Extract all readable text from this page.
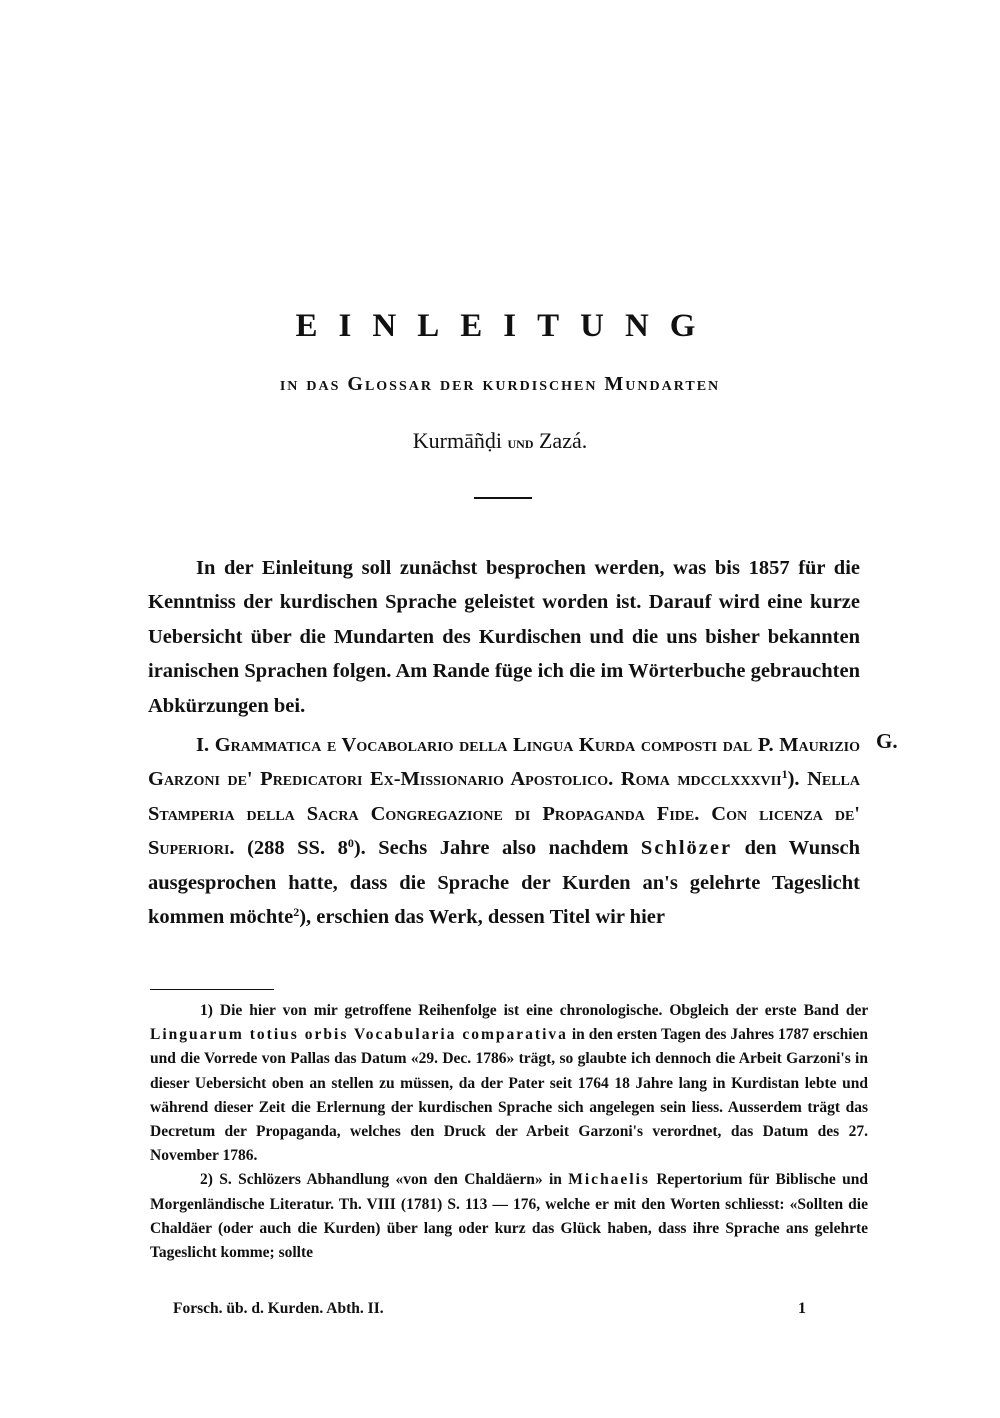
EINLEITUNG
in das Glossar der kurdischen Mundarten
Kurmāñḍi und Zazá.
In der Einleitung soll zunächst besprochen werden, was bis 1857 für die Kenntniss der kurdischen Sprache geleistet worden ist. Darauf wird eine kurze Uebersicht über die Mundarten des Kurdischen und die uns bisher bekannten iranischen Sprachen folgen. Am Rande füge ich die im Wörterbuche gebrauchten Abkürzungen bei.
I. Grammatica e Vocabolario della Lingua Kurda composti dal P. Maurizio Garzoni de' Predicatori Ex-Missionario Apostolico. Roma mdcclxxxvii$^1$). Nella Stamperia della Sacra Congregazione di Propaganda Fide. Con licenza de' Superiori. (288 SS. $8^0$). Sechs Jahre also nachdem Schlözer den Wunsch ausgesprochen hatte, dass die Sprache der Kurden an's gelehrte Tageslicht kommen möchte$^2$), erschien das Werk, dessen Titel wir hier
G.

1) Die hier von mir getroffene Reihenfolge ist eine chronologische. Obgleich der erste Band der Linguarum totius orbis Vocabularia comparativa in den ersten Tagen des Jahres 1787 erschien und die Vorrede von Pallas das Datum «29. Dec. 1786» trägt, so glaubte ich dennoch die Arbeit Garzoni's in dieser Uebersicht oben an stellen zu müssen, da der Pater seit 1764 18 Jahre lang in Kurdistan lebte und während dieser Zeit die Erlernung der kurdischen Sprache sich angelegen sein liess. Ausserdem trägt das Decretum der Propaganda, welches den Druck der Arbeit Garzoni's verordnet, das Datum des 27. November 1786.

2) S. Schlözers Abhandlung «von den Chaldäern» in Michaelis Repertorium für Biblische und Morgenländische Literatur. Th. VIII (1781) S. 113 — 176, welche er mit den Worten schliesst: «Sollten die Chaldäer (oder auch die Kurden) über lang oder kurz das Glück haben, dass ihre Sprache ans gelehrte Tageslicht komme; sollte

Forsch. üb. d. Kurden. Abth. II.	1
